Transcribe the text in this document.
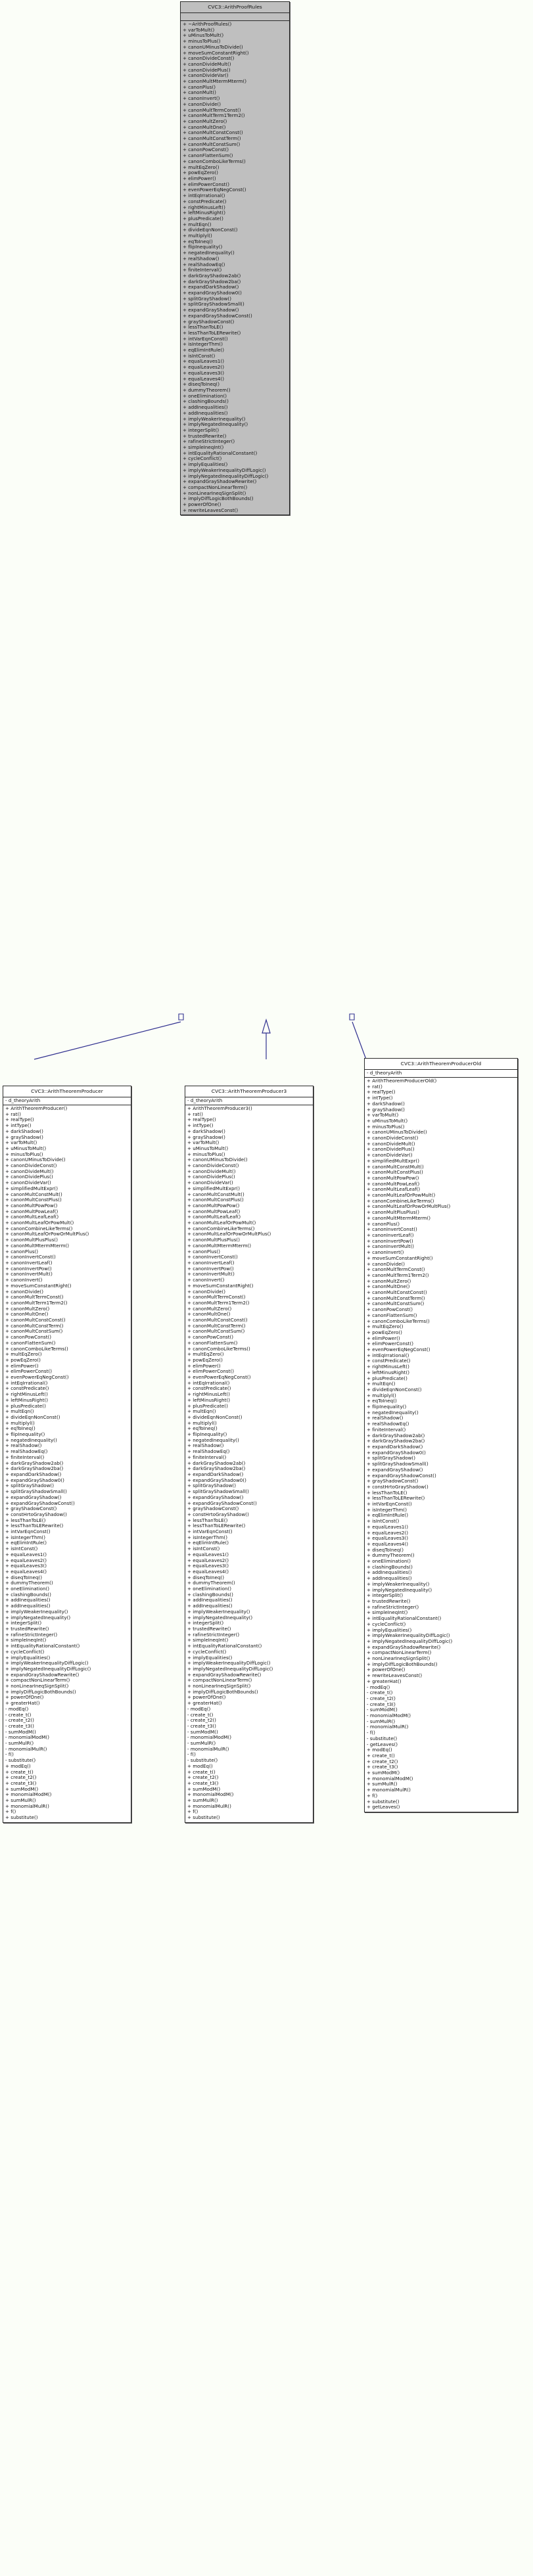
CVC3::ArithProofRules
+ ~ArithProofRules()
+ varToMult()
+ uMinusToMult()
+ minusToPlus()
+ canonUMinusToDivide()
+ moveSumConstantRight()
+ canonDivideConst()
+ canonDivideMult()
+ canonDividePlus()
+ canonDivideVar()
+ canonMultMtermMterm()
+ canonPlus()
+ canonMult()
+ canonInvert()
+ canonDivide()
+ canonMultTermConst()
+ canonMultTerm1Term2()
+ canonMultZero()
+ canonMultOne()
+ canonMultConstConst()
+ canonMultConstTerm()
+ canonMultConstSum()
+ canonPowConst()
+ canonFlattenSum()
+ canonComboLikeTerms()
+ multEqZero()
+ powEqZero()
+ elimPower()
+ elimPowerConst()
+ evenPowerEqNegConst()
+ intEqIrrational()
+ constPredicate()
+ rightMinusLeft()
+ leftMinusRight()
+ plusPredicate()
+ multEqn()
+ divideEqnNonConst()
+ multiplyl()
+ eqToIneq()
+ flipInequality()
+ negatedInequality()
+ realShadow()
+ realShadowEq()
+ finiteInterval()
+ darkGrayShadow2ab()
+ darkGrayShadow2ba()
+ expandDarkShadow()
+ expandGrayShadow0()
+ splitGrayShadow()
+ splitGrayShadowSmall()
+ expandGrayShadow()
+ expandGrayShadowConst()
+ grayShadowConst()
+ lessThanToLE()
+ lessThanToLERewrite()
+ intVarEqnConst()
+ isIntegerThm()
+ eqElimIntRule()
+ isIntConst()
+ equalLeaves1()
+ equalLeaves2()
+ equalLeaves3()
+ equalLeaves4()
+ diseqToIneq()
+ dummyTheorem()
+ oneElimination()
+ clashingBounds()
+ addInequalities()
+ addInequalities()
+ implyWeakerInequality()
+ implyNegatedInequality()
+ integerSplit()
+ trustedRewrite()
+ rafineStrictInteger()
+ simpleIneqInt()
+ intEqualityRationalConstant()
+ cycleConflict()
+ implyEqualities()
+ implyWeakerInequalityDiffLogic()
+ implyNegatedInequalityDiffLogic()
+ expandGrayShadowRewrite()
+ compactNonLinearTerm()
+ nonLinearIneqSignSplit()
+ implyDiffLogicBothBounds()
+ powerOfOne()
+ rewriteLeavesConst()
CVC3::ArithTheoremProducer
- d_theoryArith
+ ArithTheoremProducer()
+ rat()
+ realType()
+ intType()
+ darkShadow()
+ grayShadow()
+ varToMult()
+ uMinusToMult()
+ minusToPlus()
+ canonUMinusToDivide()
+ canonDivideConst()
+ canonDivideMult()
+ canonDividePlus()
+ canonDivideVar()
+ simplifiedMultExpr()
+ canonMultConstMult()
+ canonMultConstPlus()
+ canonMultPowPow()
+ canonMultPowLeaf()
+ canonMultLeafLeaf()
+ canonMultLeafOrPowMult()
+ canonCombineLikeTerms()
+ canonMultLeafOrPowOrMultPlus()
+ canonMultPlusPlus()
+ canonMultMtermMterm()
+ canonPlus()
+ canonInvertConst()
+ canonInvertLeaf()
+ canonInvertPow()
+ canonInvertMult()
+ canonInvert()
+ moveSumConstantRight()
+ canonDivide()
+ canonMultTermConst()
+ canonMultTerm1Term2()
+ canonMultZero()
+ canonMultOne()
+ canonMultConstConst()
+ canonMultConstTerm()
+ canonMultConstSum()
+ canonPowConst()
+ canonFlattenSum()
+ canonComboLikeTerms()
+ multEqZero()
+ powEqZero()
+ elimPower()
+ elimPowerConst()
+ evenPowerEqNegConst()
+ intEqIrrational()
+ constPredicate()
+ rightMinusLeft()
+ leftMinusRight()
+ plusPredicate()
+ multEqn()
+ divideEqnNonConst()
+ multiplyl()
+ eqToIneq()
+ flipInequality()
+ negatedInequality()
+ realShadow()
+ realShadowEq()
+ finiteInterval()
+ darkGrayShadow2ab()
+ darkGrayShadow2ba()
+ expandDarkShadow()
+ expandGrayShadow0()
+ splitGrayShadow()
+ splitGrayShadowSmall()
+ expandGrayShadow()
+ expandGrayShadowConst()
+ grayShadowConst()
+ constHrtoGrayShadow()
+ lessThanToLE()
+ lessThanToLERewrite()
+ intVarEqnConst()
+ isIntegerThm()
+ eqElimIntRule()
+ isIntConst()
+ equalLeaves1()
+ equalLeaves2()
+ equalLeaves3()
+ equalLeaves4()
+ diseqToIneq()
+ dummyTheorem()
+ oneElimination()
+ clashingBounds()
+ addInequalities()
+ addInequalities()
+ implyWeakerInequality()
+ implyNegatedInequality()
+ integerSplit()
+ trustedRewrite()
+ rafineStrictInteger()
+ simpleIneqInt()
+ intEqualityRationalConstant()
+ cycleConflict()
+ implyEqualities()
+ implyWeakerInequalityDiffLogic()
+ implyNegatedInequalityDiffLogic()
+ expandGrayShadowRewrite()
+ compactNonLinearTerm()
+ nonLinearIneqSignSplit()
+ implyDiffLogicBothBounds()
+ powerOfOne()
+ greaterHat()
- modEq()
- create_t()
- create_t2()
- create_t3()
- sumModM()
- monomialModM()
- sumMulR()
- monomialMulR()
- f()
- substitute()
+ modEq()
+ create_t()
+ create_t2()
+ create_t3()
+ sumModM()
+ monomialModM()
+ sumMulR()
+ monomialMulR()
+ f()
+ substitute()
CVC3::ArithTheoremProducer3
- d_theoryArith
+ ArithTheoremProducer3()
+ rat()
+ realType()
+ intType()
+ darkShadow()
+ grayShadow()
+ varToMult()
+ uMinusToMult()
+ minusToPlus()
+ canonUMinusToDivide()
+ canonDivideConst()
+ canonDivideMult()
+ canonDividePlus()
+ canonDivideVar()
+ simplifiedMultExpr()
+ canonMultConstMult()
+ canonMultConstPlus()
+ canonMultPowPow()
+ canonMultPowLeaf()
+ canonMultLeafLeaf()
+ canonMultLeafOrPowMult()
+ canonCombineLikeTerms()
+ canonMultLeafOrPowOrMultPlus()
+ canonMultPlusPlus()
+ canonMultMtermMterm()
+ canonPlus()
+ canonInvertConst()
+ canonInvertLeaf()
+ canonInvertPow()
+ canonInvertMult()
+ canonInvert()
+ moveSumConstantRight()
+ canonDivide()
+ canonMultTermConst()
+ canonMultTerm1Term2()
+ canonMultZero()
+ canonMultOne()
+ canonMultConstConst()
+ canonMultConstTerm()
+ canonMultConstSum()
+ canonPowConst()
+ canonFlattenSum()
+ canonComboLikeTerms()
+ multEqZero()
+ powEqZero()
+ elimPower()
+ elimPowerConst()
+ evenPowerEqNegConst()
+ intEqIrrational()
+ constPredicate()
+ rightMinusLeft()
+ leftMinusRight()
+ plusPredicate()
+ multEqn()
+ divideEqnNonConst()
+ multiplyl()
+ eqToIneq()
+ flipInequality()
+ negatedInequality()
+ realShadow()
+ realShadowEq()
+ finiteInterval()
+ darkGrayShadow2ab()
+ darkGrayShadow2ba()
+ expandDarkShadow()
+ expandGrayShadow0()
+ splitGrayShadow()
+ splitGrayShadowSmall()
+ expandGrayShadow()
+ expandGrayShadowConst()
+ grayShadowConst()
+ constHrtoGrayShadow()
+ lessThanToLE()
+ lessThanToLERewrite()
+ intVarEqnConst()
+ isIntegerThm()
+ eqElimIntRule()
+ isIntConst()
+ equalLeaves1()
+ equalLeaves2()
+ equalLeaves3()
+ equalLeaves4()
+ diseqToIneq()
+ dummyTheorem()
+ oneElimination()
+ clashingBounds()
+ addInequalities()
+ addInequalities()
+ implyWeakerInequality()
+ implyNegatedInequality()
+ integerSplit()
+ trustedRewrite()
+ rafineStrictInteger()
+ simpleIneqInt()
+ intEqualityRationalConstant()
+ cycleConflict()
+ implyEqualities()
+ implyWeakerInequalityDiffLogic()
+ implyNegatedInequalityDiffLogic()
+ expandGrayShadowRewrite()
+ compactNonLinearTerm()
+ nonLinearIneqSignSplit()
+ implyDiffLogicBothBounds()
+ powerOfOne()
+ greaterHat()
- modEq()
- create_t()
- create_t2()
- create_t3()
- sumModM()
- monomialModM()
- sumMulR()
- monomialMulR()
- f()
- substitute()
+ modEq()
+ create_t()
+ create_t2()
+ create_t3()
+ sumModM()
+ monomialModM()
+ sumMulR()
+ monomialMulR()
+ f()
+ substitute()
CVC3::ArithTheoremProducerOld
- d_theoryArith
+ ArithTheoremProducerOld()
+ rat()
+ realType()
+ intType()
+ darkShadow()
+ grayShadow()
+ varToMult()
+ uMinusToMult()
+ minusToPlus()
+ canonUMinusToDivide()
+ canonDivideConst()
+ canonDivideMult()
+ canonDividePlus()
+ canonDivideVar()
+ simplifiedMultExpr()
+ canonMultConstMult()
+ canonMultConstPlus()
+ canonMultPowPow()
+ canonMultPowLeaf()
+ canonMultLeafLeaf()
+ canonMultLeafOrPowMult()
+ canonCombineLikeTerms()
+ canonMultLeafOrPowOrMultPlus()
+ canonMultPlusPlus()
+ canonMultMtermMterm()
+ canonPlus()
+ canonInvertConst()
+ canonInvertLeaf()
+ canonInvertPow()
+ canonInvertMult()
+ canonInvert()
+ moveSumConstantRight()
+ canonDivide()
+ canonMultTermConst()
+ canonMultTerm1Term2()
+ canonMultZero()
+ canonMultOne()
+ canonMultConstConst()
+ canonMultConstTerm()
+ canonMultConstSum()
+ canonPowConst()
+ canonFlattenSum()
+ canonComboLikeTerms()
+ multEqZero()
+ powEqZero()
+ elimPower()
+ elimPowerConst()
+ evenPowerEqNegConst()
+ intEqIrrational()
+ constPredicate()
+ rightMinusLeft()
+ leftMinusRight()
+ plusPredicate()
+ multEqn()
+ divideEqnNonConst()
+ multiplyl()
+ eqToIneq()
+ flipInequality()
+ negatedInequality()
+ realShadow()
+ realShadowEq()
+ finiteInterval()
+ darkGrayShadow2ab()
+ darkGrayShadow2ba()
+ expandDarkShadow()
+ expandGrayShadow0()
+ splitGrayShadow()
+ splitGrayShadowSmall()
+ expandGrayShadow()
+ expandGrayShadowConst()
+ grayShadowConst()
+ constHrtoGrayShadow()
+ lessThanToLE()
+ lessThanToLERewrite()
+ intVarEqnConst()
+ isIntegerThm()
+ eqElimIntRule()
+ isIntConst()
+ equalLeaves1()
+ equalLeaves2()
+ equalLeaves3()
+ equalLeaves4()
+ diseqToIneq()
+ dummyTheorem()
+ oneElimination()
+ clashingBounds()
+ addInequalities()
+ addInequalities()
+ implyWeakerInequality()
+ implyNegatedInequality()
+ integerSplit()
+ trustedRewrite()
+ rafineStrictInteger()
+ simpleIneqInt()
+ intEqualityRationalConstant()
+ cycleConflict()
+ implyEqualities()
+ implyWeakerInequalityDiffLogic()
+ implyNegatedInequalityDiffLogic()
+ expandGrayShadowRewrite()
+ compactNonLinearTerm()
+ nonLinearIneqSignSplit()
+ implyDiffLogicBothBounds()
+ powerOfOne()
+ rewriteLeavesConst()
+ greaterHat()
- modEq()
- create_t()
- create_t2()
- create_t3()
- sumModM()
- monomialModM()
- sumMulR()
- monomialMulR()
- f()
- substitute()
- getLeaves()
+ modEq()
+ create_t()
+ create_t2()
+ create_t3()
+ sumModM()
+ monomialModM()
+ sumMulR()
+ monomialMulR()
+ f()
+ substitute()
+ getLeaves()
